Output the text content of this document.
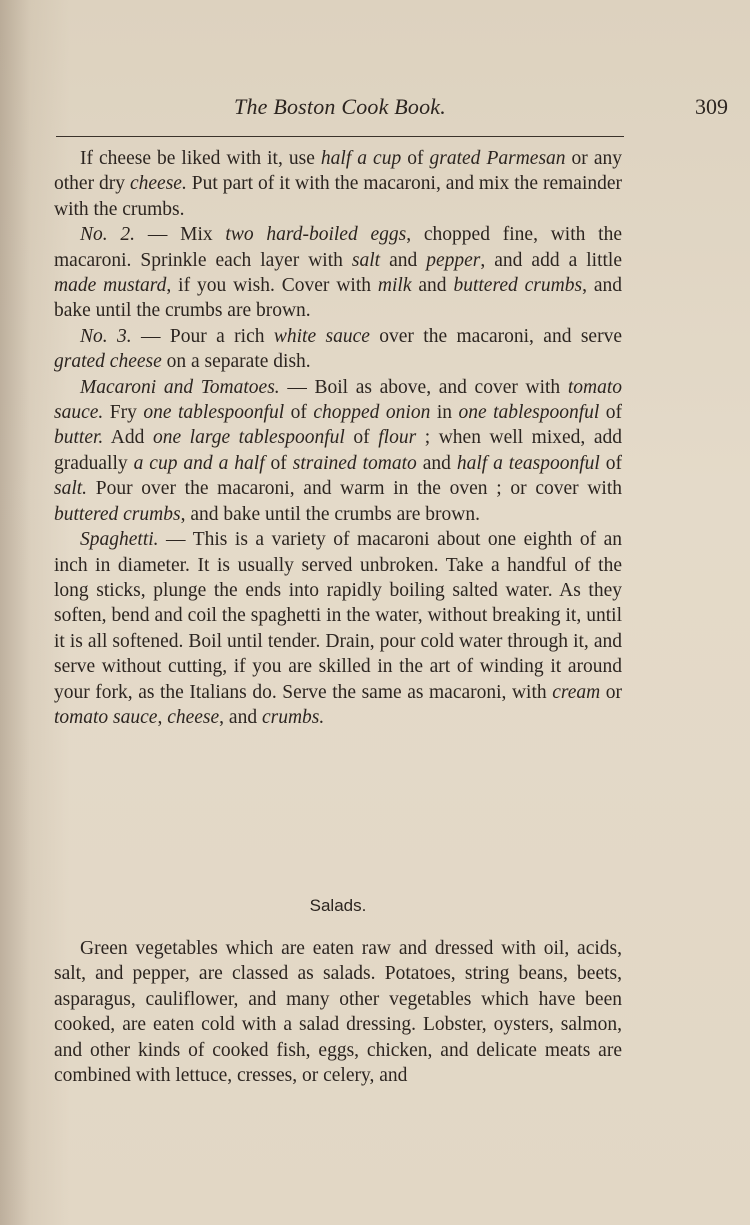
The Boston Cook Book.	309

If cheese be liked with it, use half a cup of grated Parmesan or any other dry cheese. Put part of it with the macaroni, and mix the remainder with the crumbs.

No. 2. — Mix two hard-boiled eggs, chopped fine, with the macaroni. Sprinkle each layer with salt and pepper, and add a little made mustard, if you wish. Cover with milk and buttered crumbs, and bake until the crumbs are brown.

No. 3. — Pour a rich white sauce over the macaroni, and serve grated cheese on a separate dish.

Macaroni and Tomatoes. — Boil as above, and cover with tomato sauce. Fry one tablespoonful of chopped onion in one tablespoonful of butter. Add one large tablespoonful of flour ; when well mixed, add gradually a cup and a half of strained tomato and half a teaspoonful of salt. Pour over the macaroni, and warm in the oven ; or cover with buttered crumbs, and bake until the crumbs are brown.

Spaghetti. — This is a variety of macaroni about one eighth of an inch in diameter. It is usually served unbroken. Take a handful of the long sticks, plunge the ends into rapidly boiling salted water. As they soften, bend and coil the spaghetti in the water, without breaking it, until it is all softened. Boil until tender. Drain, pour cold water through it, and serve without cutting, if you are skilled in the art of winding it around your fork, as the Italians do. Serve the same as macaroni, with cream or tomato sauce, cheese, and crumbs.

Salads.

Green vegetables which are eaten raw and dressed with oil, acids, salt, and pepper, are classed as salads. Potatoes, string beans, beets, asparagus, cauliflower, and many other vegetables which have been cooked, are eaten cold with a salad dressing. Lobster, oysters, salmon, and other kinds of cooked fish, eggs, chicken, and delicate meats are combined with lettuce, cresses, or celery, and
